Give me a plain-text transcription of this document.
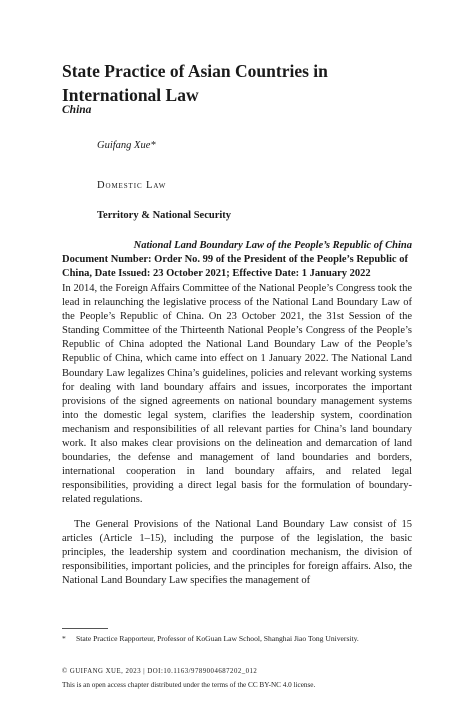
State Practice of Asian Countries in International Law
China
Guifang Xue*
Domestic Law
Territory & National Security
National Land Boundary Law of the People’s Republic of China
Document Number: Order No. 99 of the President of the People’s Republic of China, Date Issued: 23 October 2021; Effective Date: 1 January 2022

In 2014, the Foreign Affairs Committee of the National People’s Congress took the lead in relaunching the legislative process of the National Land Boundary Law of the People’s Republic of China. On 23 October 2021, the 31st Session of the Standing Committee of the Thirteenth National People’s Congress of the People’s Republic of China adopted the National Land Boundary Law of the People’s Republic of China, which came into effect on 1 January 2022. The National Land Boundary Law legalizes China’s guidelines, policies and relevant working systems for dealing with land boundary affairs and issues, incorporates the important provisions of the signed agreements on national boundary management systems into the domestic legal system, clarifies the leadership system, coordination mechanism and responsibilities of all relevant parties for China’s land boundary work. It also makes clear provisions on the delineation and demarcation of land boundaries, the defense and management of land boundaries and borders, international cooperation in land boundary affairs, and related legal responsibilities, providing a direct legal basis for the formulation of boundary-related regulations.

The General Provisions of the National Land Boundary Law consist of 15 articles (Article 1–15), including the purpose of the legislation, the basic principles, the leadership system and coordination mechanism, the division of responsibilities, important policies, and the principles for foreign affairs. Also, the National Land Boundary Law specifies the management of

* State Practice Rapporteur, Professor of KoGuan Law School, Shanghai Jiao Tong University.
© GUIFANG XUE, 2023 | DOI:10.1163/9789004687202_012
This is an open access chapter distributed under the terms of the CC BY-NC 4.0 license.
